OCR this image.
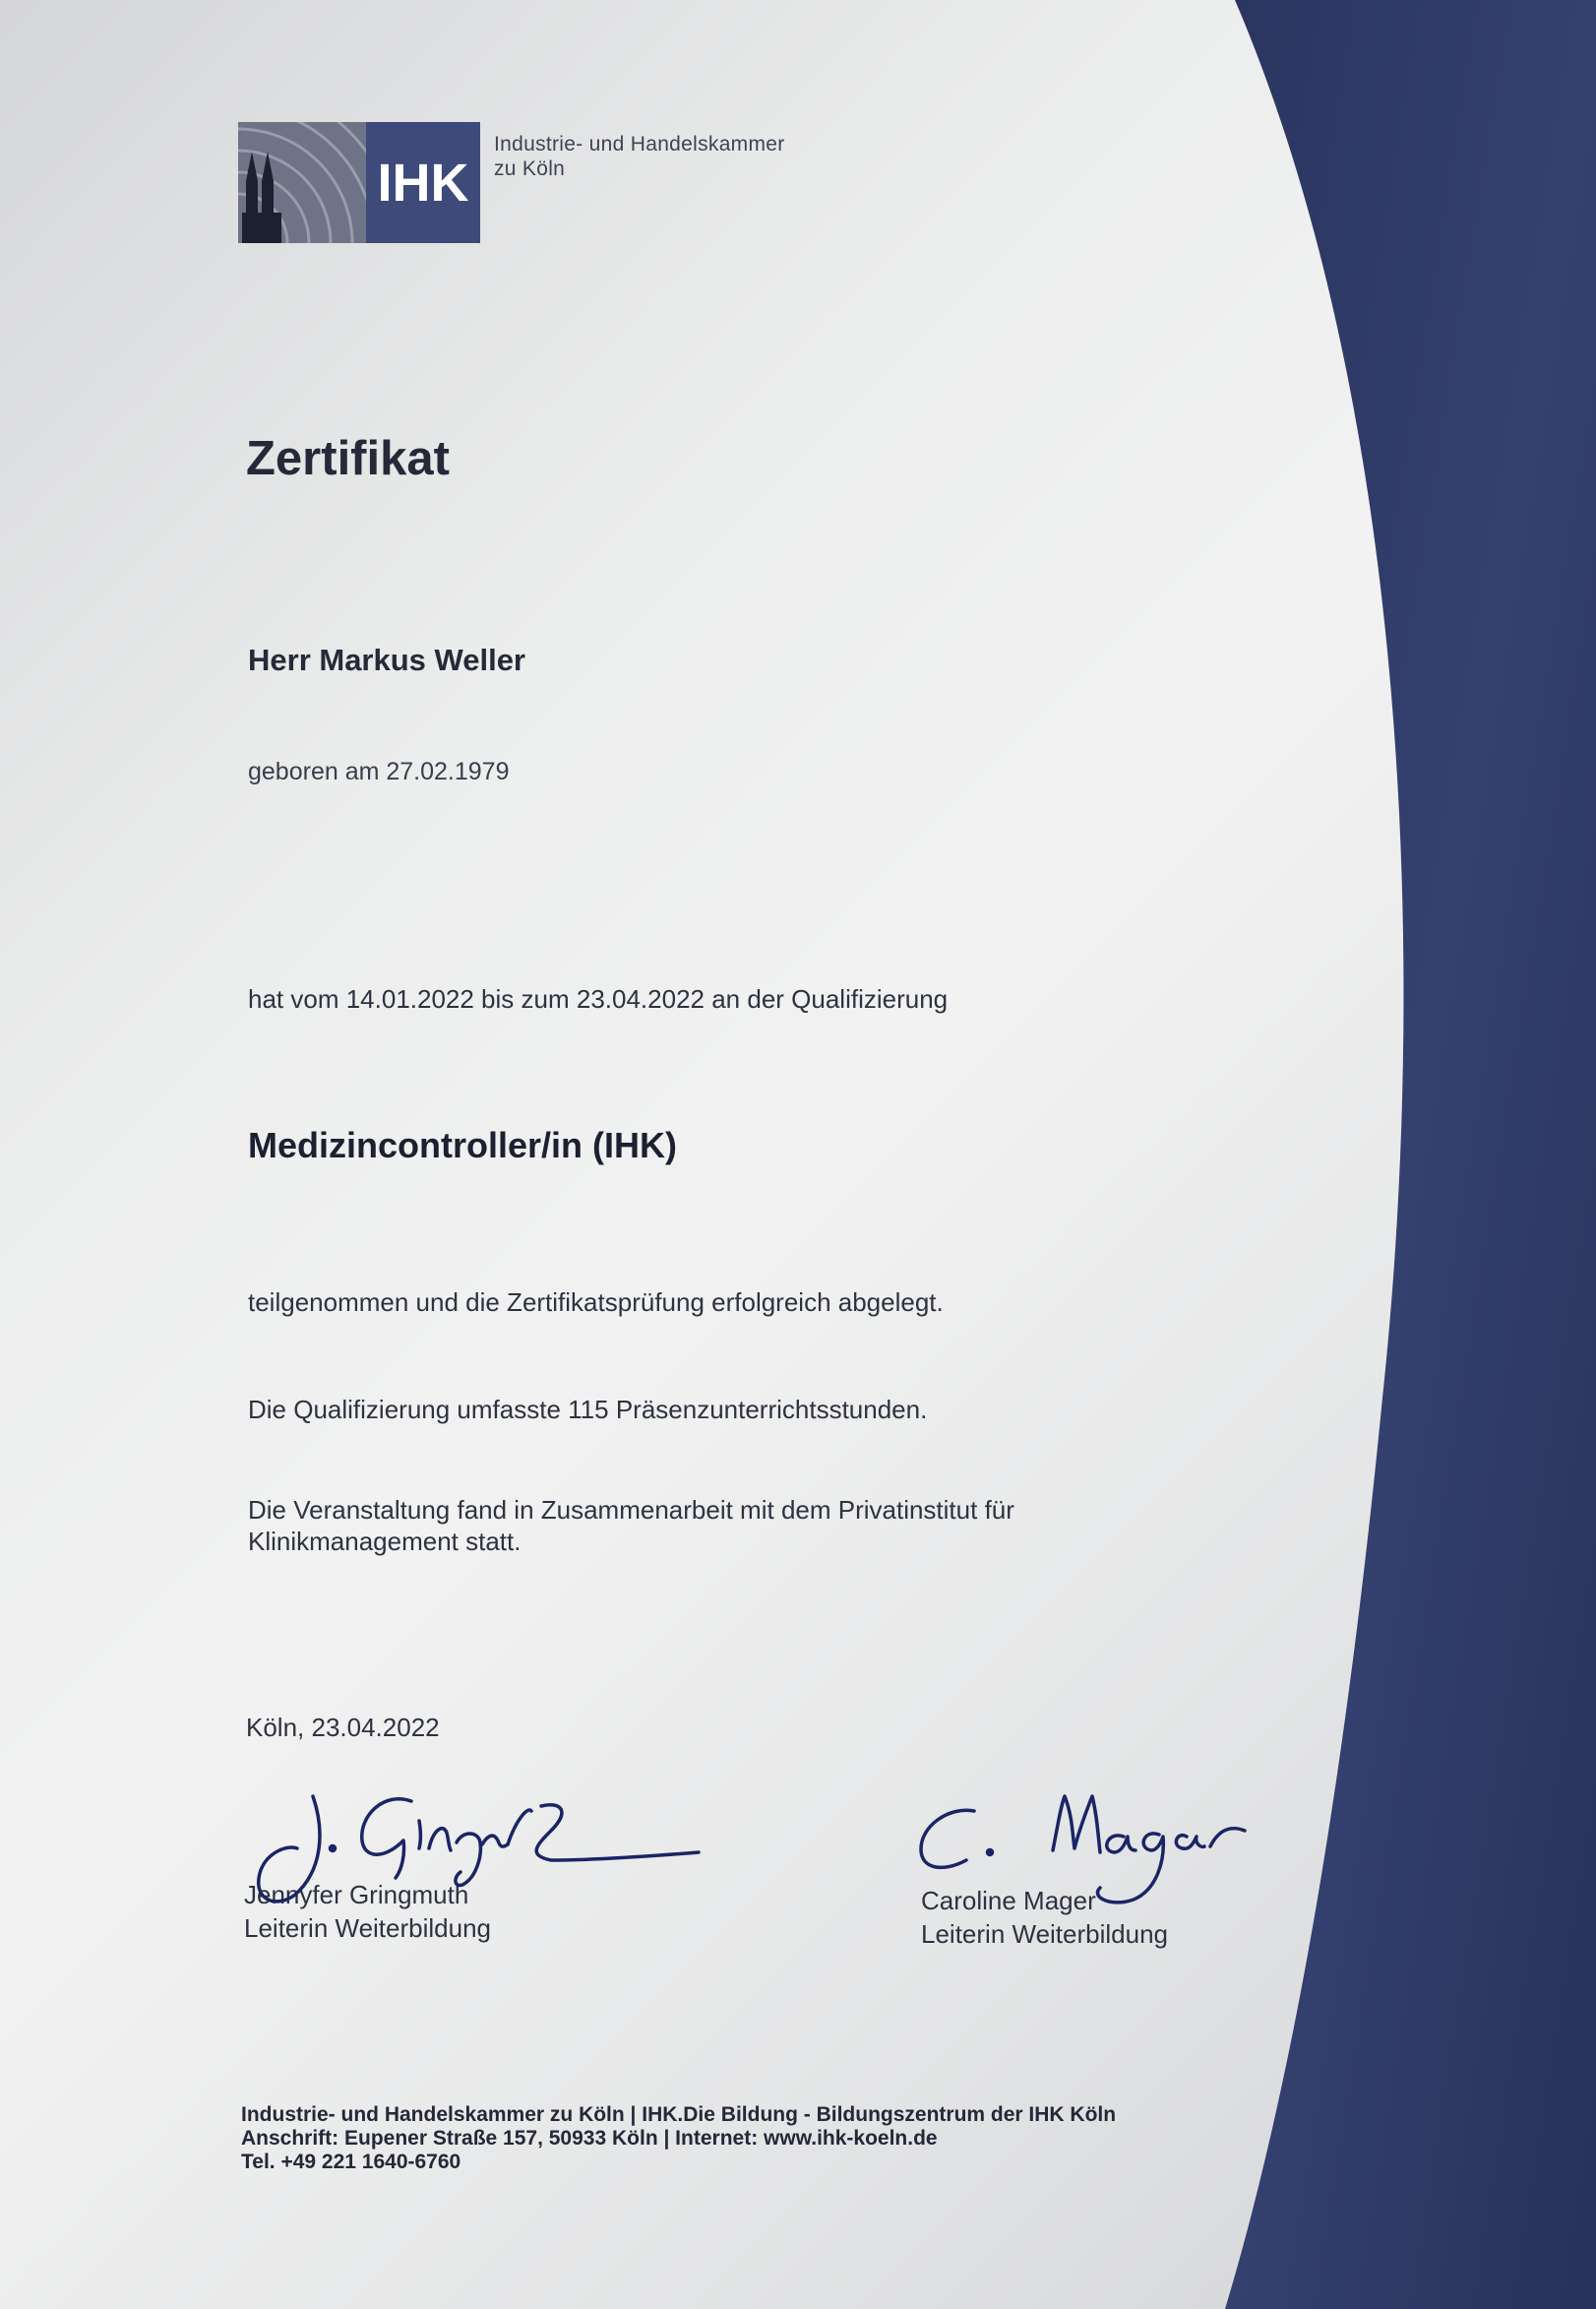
IHK
Industrie- und Handelskammer
zu Köln
Zertifikat
Herr Markus Weller
geboren am 27.02.1979
hat vom 14.01.2022 bis zum 23.04.2022 an der Qualifizierung
Medizincontroller/in (IHK)
teilgenommen und die Zertifikatsprüfung erfolgreich abgelegt.
Die Qualifizierung umfasste 115 Präsenzunterrichtsstunden.
Die Veranstaltung fand in Zusammenarbeit mit dem Privatinstitut für Klinikmanagement statt.
Köln, 23.04.2022
Jennyfer Gringmuth
Leiterin Weiterbildung
Caroline Mager
Leiterin Weiterbildung
Industrie- und Handelskammer zu Köln | IHK.Die Bildung - Bildungszentrum der IHK Köln
Anschrift: Eupener Straße 157, 50933 Köln | Internet: www.ihk-koeln.de
Tel. +49 221 1640-6760
